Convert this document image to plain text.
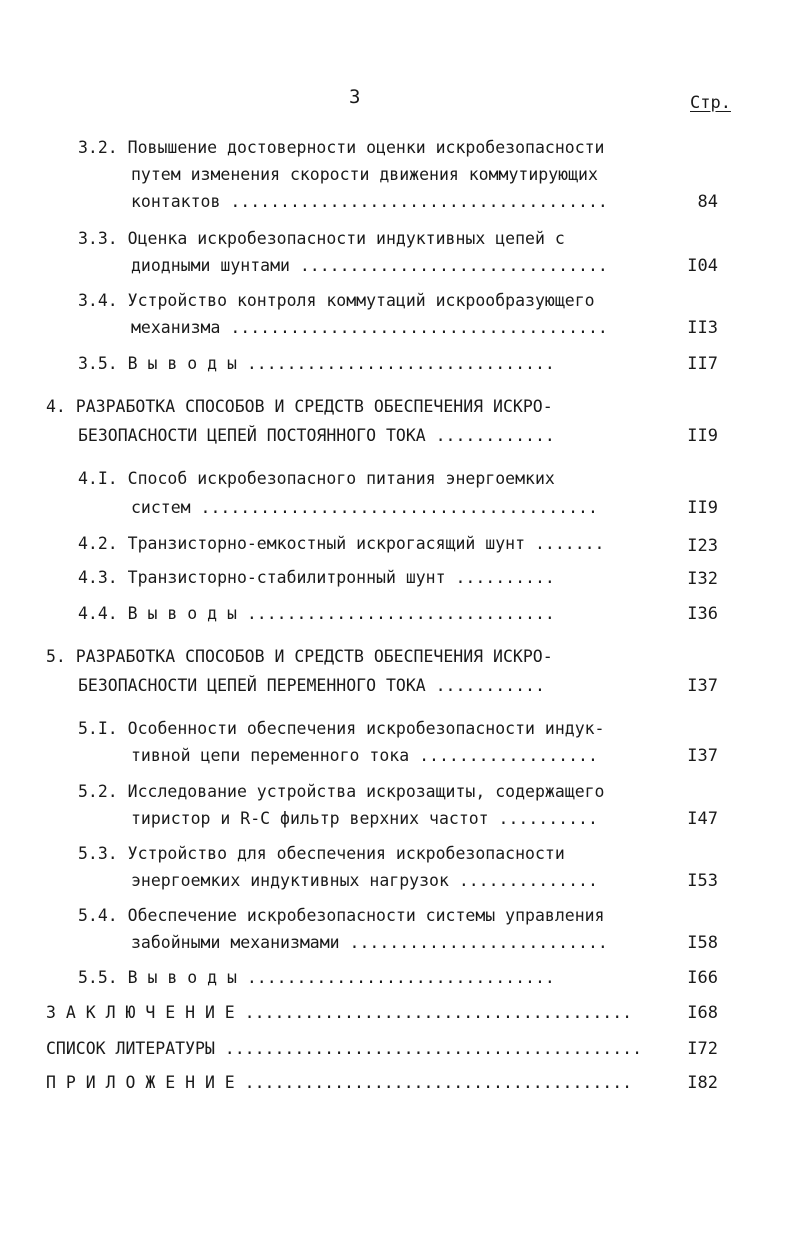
3	Стр.
3.2. Повышение достоверности оценки искробезопасности
путем изменения скорости движения коммутирующих
контактов ......................................	84
3.3. Оценка искробезопасности индуктивных цепей с
диодными шунтами ...............................	I04
3.4. Устройство контроля коммутаций искрообразующего
механизма ......................................	II3
3.5. В ы в о д ы ...............................	II7
4. РАЗРАБОТКА СПОСОБОВ И СРЕДСТВ ОБЕСПЕЧЕНИЯ ИСКРО-
БЕЗОПАСНОСТИ ЦЕПЕЙ ПОСТОЯННОГО ТОКА ............	II9
4.I. Способ искробезопасного питания энергоемких
систем ........................................	II9
4.2. Транзисторно-емкостный искрогасящий шунт .......	I23
4.3. Транзисторно-стабилитронный шунт ..........	I32
4.4. В ы в о д ы ...............................	I36
5. РАЗРАБОТКА СПОСОБОВ И СРЕДСТВ ОБЕСПЕЧЕНИЯ ИСКРО-
БЕЗОПАСНОСТИ ЦЕПЕЙ ПЕРЕМЕННОГО ТОКА ...........	I37
5.I. Особенности обеспечения искробезопасности индук-
тивной цепи переменного тока ..................	I37
5.2. Исследование устройства искрозащиты, содержащего
тиристор и R-C фильтр верхних частот ..........	I47
5.3. Устройство для обеспечения искробезопасности
энергоемких индуктивных нагрузок ..............	I53
5.4. Обеспечение искробезопасности системы управления
забойными механизмами ..........................	I58
5.5. В ы в о д ы ...............................	I66
З А К Л Ю Ч Е Н И Е .......................................	I68
СПИСОК ЛИТЕРАТУРЫ ..........................................	I72
П Р И Л О Ж Е Н И Е .......................................	I82
